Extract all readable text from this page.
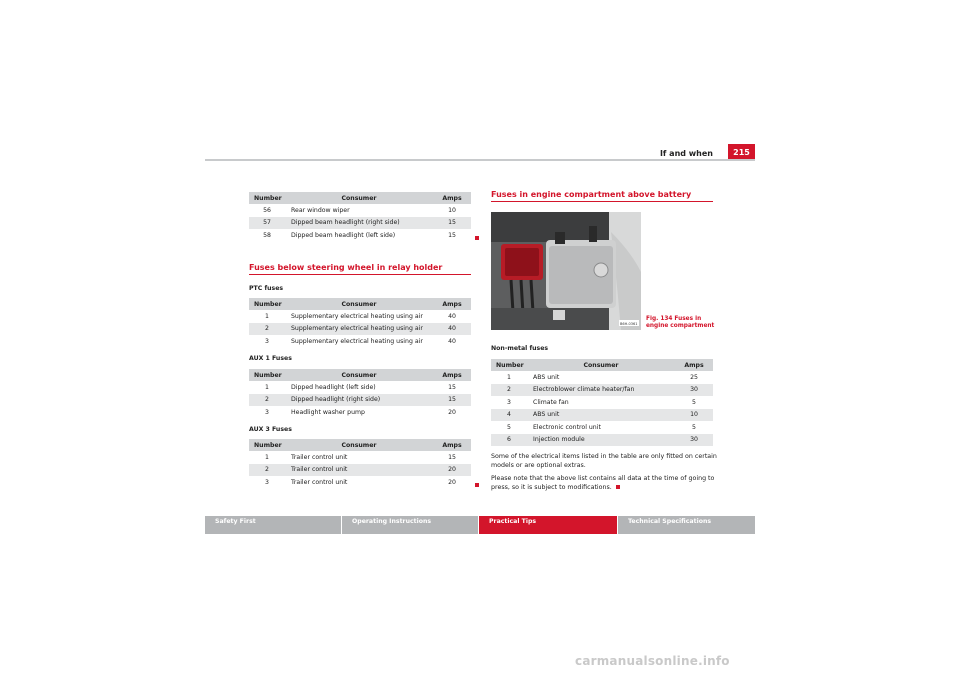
If and when	215
Number	Consumer	Amps
56	Rear window wiper	10
57	Dipped beam headlight (right side)	15
58	Dipped beam headlight (left side)	15
Fuses below steering wheel in relay holder
PTC fuses
Number	Consumer	Amps
1	Supplementary electrical heating using air	40
2	Supplementary electrical heating using air	40
3	Supplementary electrical heating using air	40
AUX 1 Fuses
Number	Consumer	Amps
1	Dipped headlight (left side)	15
2	Dipped headlight (right side)	15
3	Headlight washer pump	20
AUX 3 Fuses
Number	Consumer	Amps
1	Trailer control unit	15
2	Trailer control unit	20
3	Trailer control unit	20
Fuses in engine compartment above battery
B6H-0361
Fig. 134 Fuses in engine compartment
Non-metal fuses
Number	Consumer	Amps
1	ABS unit	25
2	Electroblower climate heater/fan	30
3	Climate fan	5
4	ABS unit	10
5	Electronic control unit	5
6	Injection module	30
Some of the electrical items listed in the table are only fitted on certain models or are optional extras.
Please note that the above list contains all data at the time of going to press, so it is subject to modifications.
Safety First	Operating Instructions	Practical Tips	Technical Specifications
carmanualsonline.info
